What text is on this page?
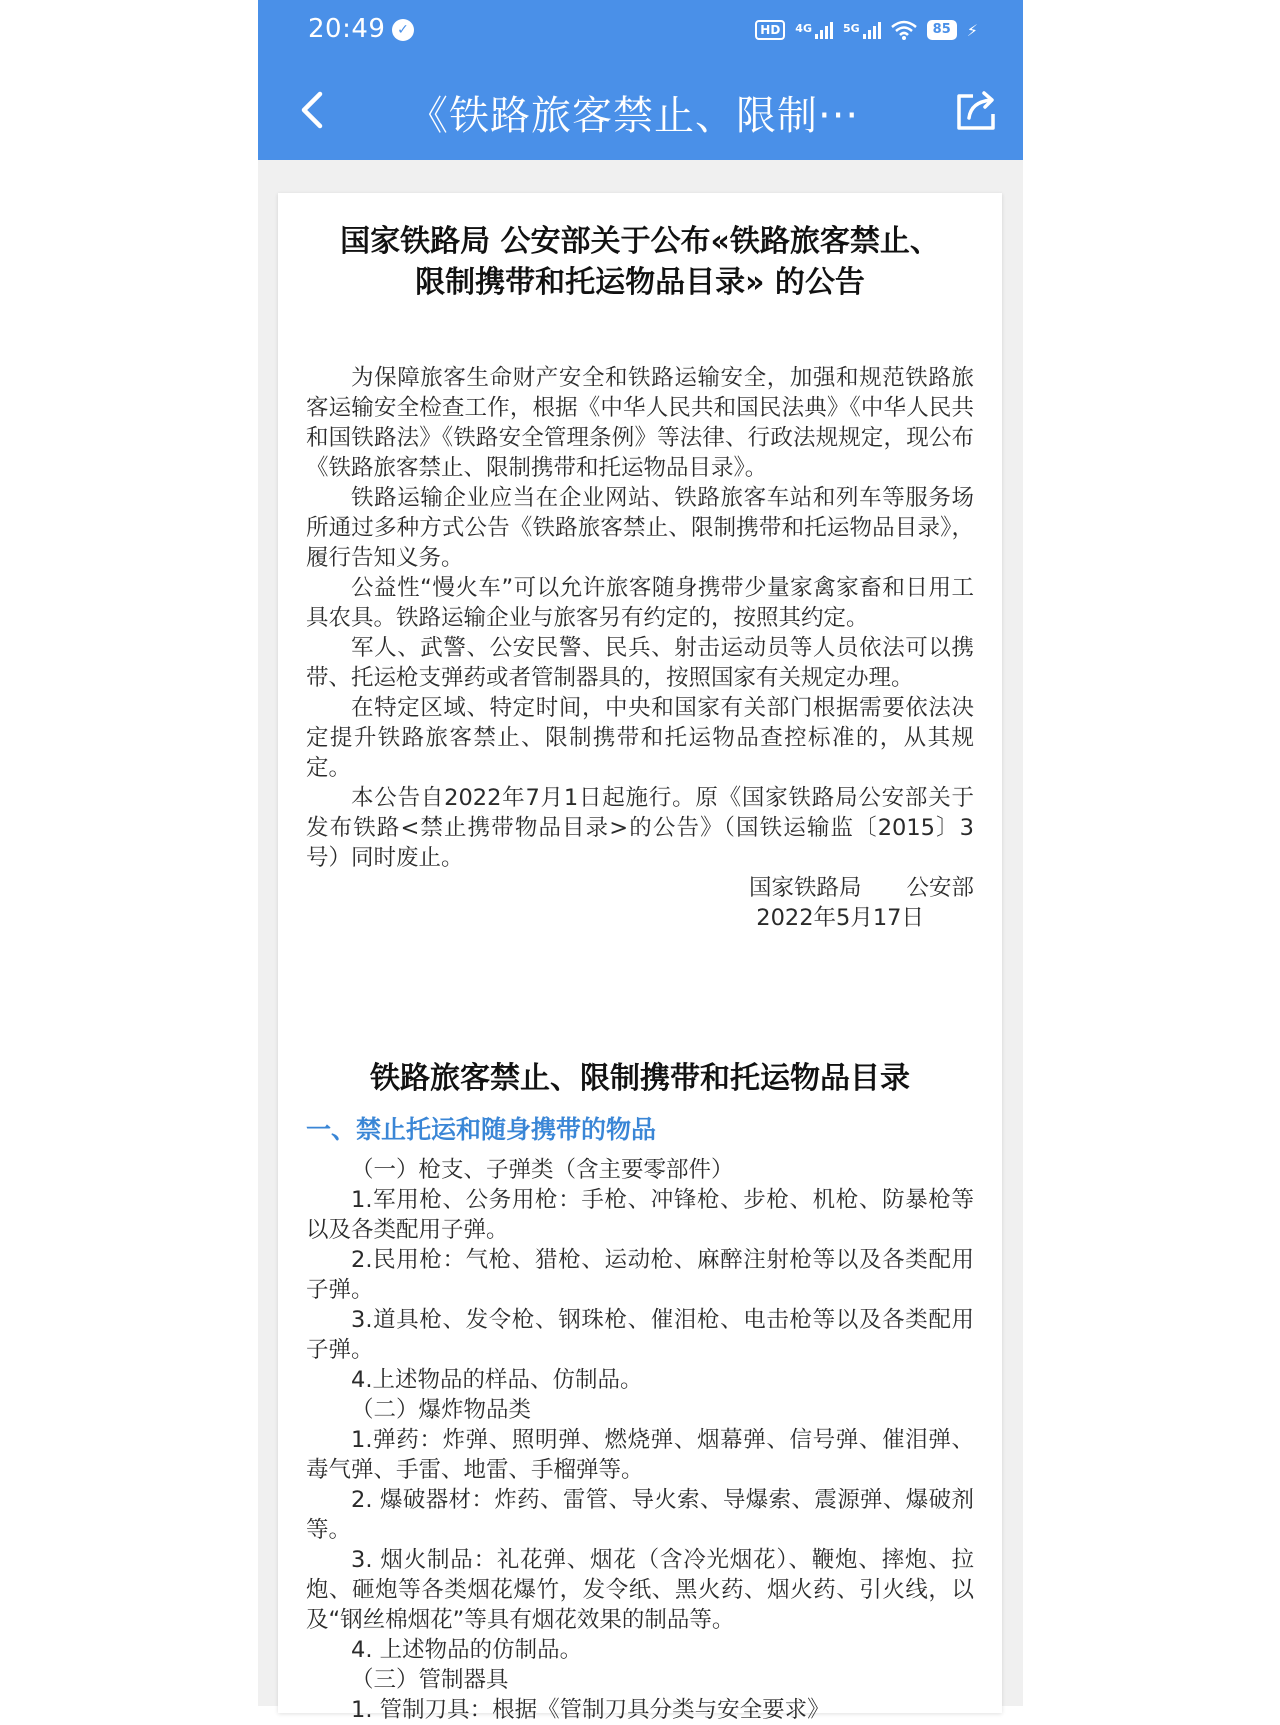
20:49 ✓	HD	4G	5G	85	⚡
《铁路旅客禁止、限制···
国家铁路局 公安部关于公布«铁路旅客禁止、
限制携带和托运物品目录» 的公告

为保障旅客生命财产安全和铁路运输安全，加强和规范铁路旅客运输安全检查工作，根据《中华人民共和国民法典》《中华人民共和国铁路法》《铁路安全管理条例》等法律、行政法规规定，现公布《铁路旅客禁止、限制携带和托运物品目录》。

铁路运输企业应当在企业网站、铁路旅客车站和列车等服务场所通过多种方式公告《铁路旅客禁止、限制携带和托运物品目录》，履行告知义务。

公益性“慢火车”可以允许旅客随身携带少量家禽家畜和日用工具农具。铁路运输企业与旅客另有约定的，按照其约定。

军人、武警、公安民警、民兵、射击运动员等人员依法可以携带、托运枪支弹药或者管制器具的，按照国家有关规定办理。

在特定区域、特定时间，中央和国家有关部门根据需要依法决定提升铁路旅客禁止、限制携带和托运物品查控标准的，从其规定。

本公告自2022年7月1日起施行。原《国家铁路局公安部关于发布铁路<禁止携带物品目录>的公告》（国铁运输监〔2015〕3号）同时废止。

国家铁路局　　公安部
2022年5月17日
铁路旅客禁止、限制携带和托运物品目录
一、禁止托运和随身携带的物品

（一）枪支、子弹类（含主要零部件）

1.军用枪、公务用枪：手枪、冲锋枪、步枪、机枪、防暴枪等以及各类配用子弹。

2.民用枪：气枪、猎枪、运动枪、麻醉注射枪等以及各类配用子弹。

3.道具枪、发令枪、钢珠枪、催泪枪、电击枪等以及各类配用子弹。

4.上述物品的样品、仿制品。

（二）爆炸物品类

1.弹药：炸弹、照明弹、燃烧弹、烟幕弹、信号弹、催泪弹、毒气弹、手雷、地雷、手榴弹等。

2. 爆破器材：炸药、雷管、导火索、导爆索、震源弹、爆破剂等。

3. 烟火制品：礼花弹、烟花（含冷光烟花）、鞭炮、摔炮、拉炮、砸炮等各类烟花爆竹，发令纸、黑火药、烟火药、引火线，以及“钢丝棉烟花”等具有烟花效果的制品等。

4. 上述物品的仿制品。

（三）管制器具

1. 管制刀具：根据《管制刀具分类与安全要求》
